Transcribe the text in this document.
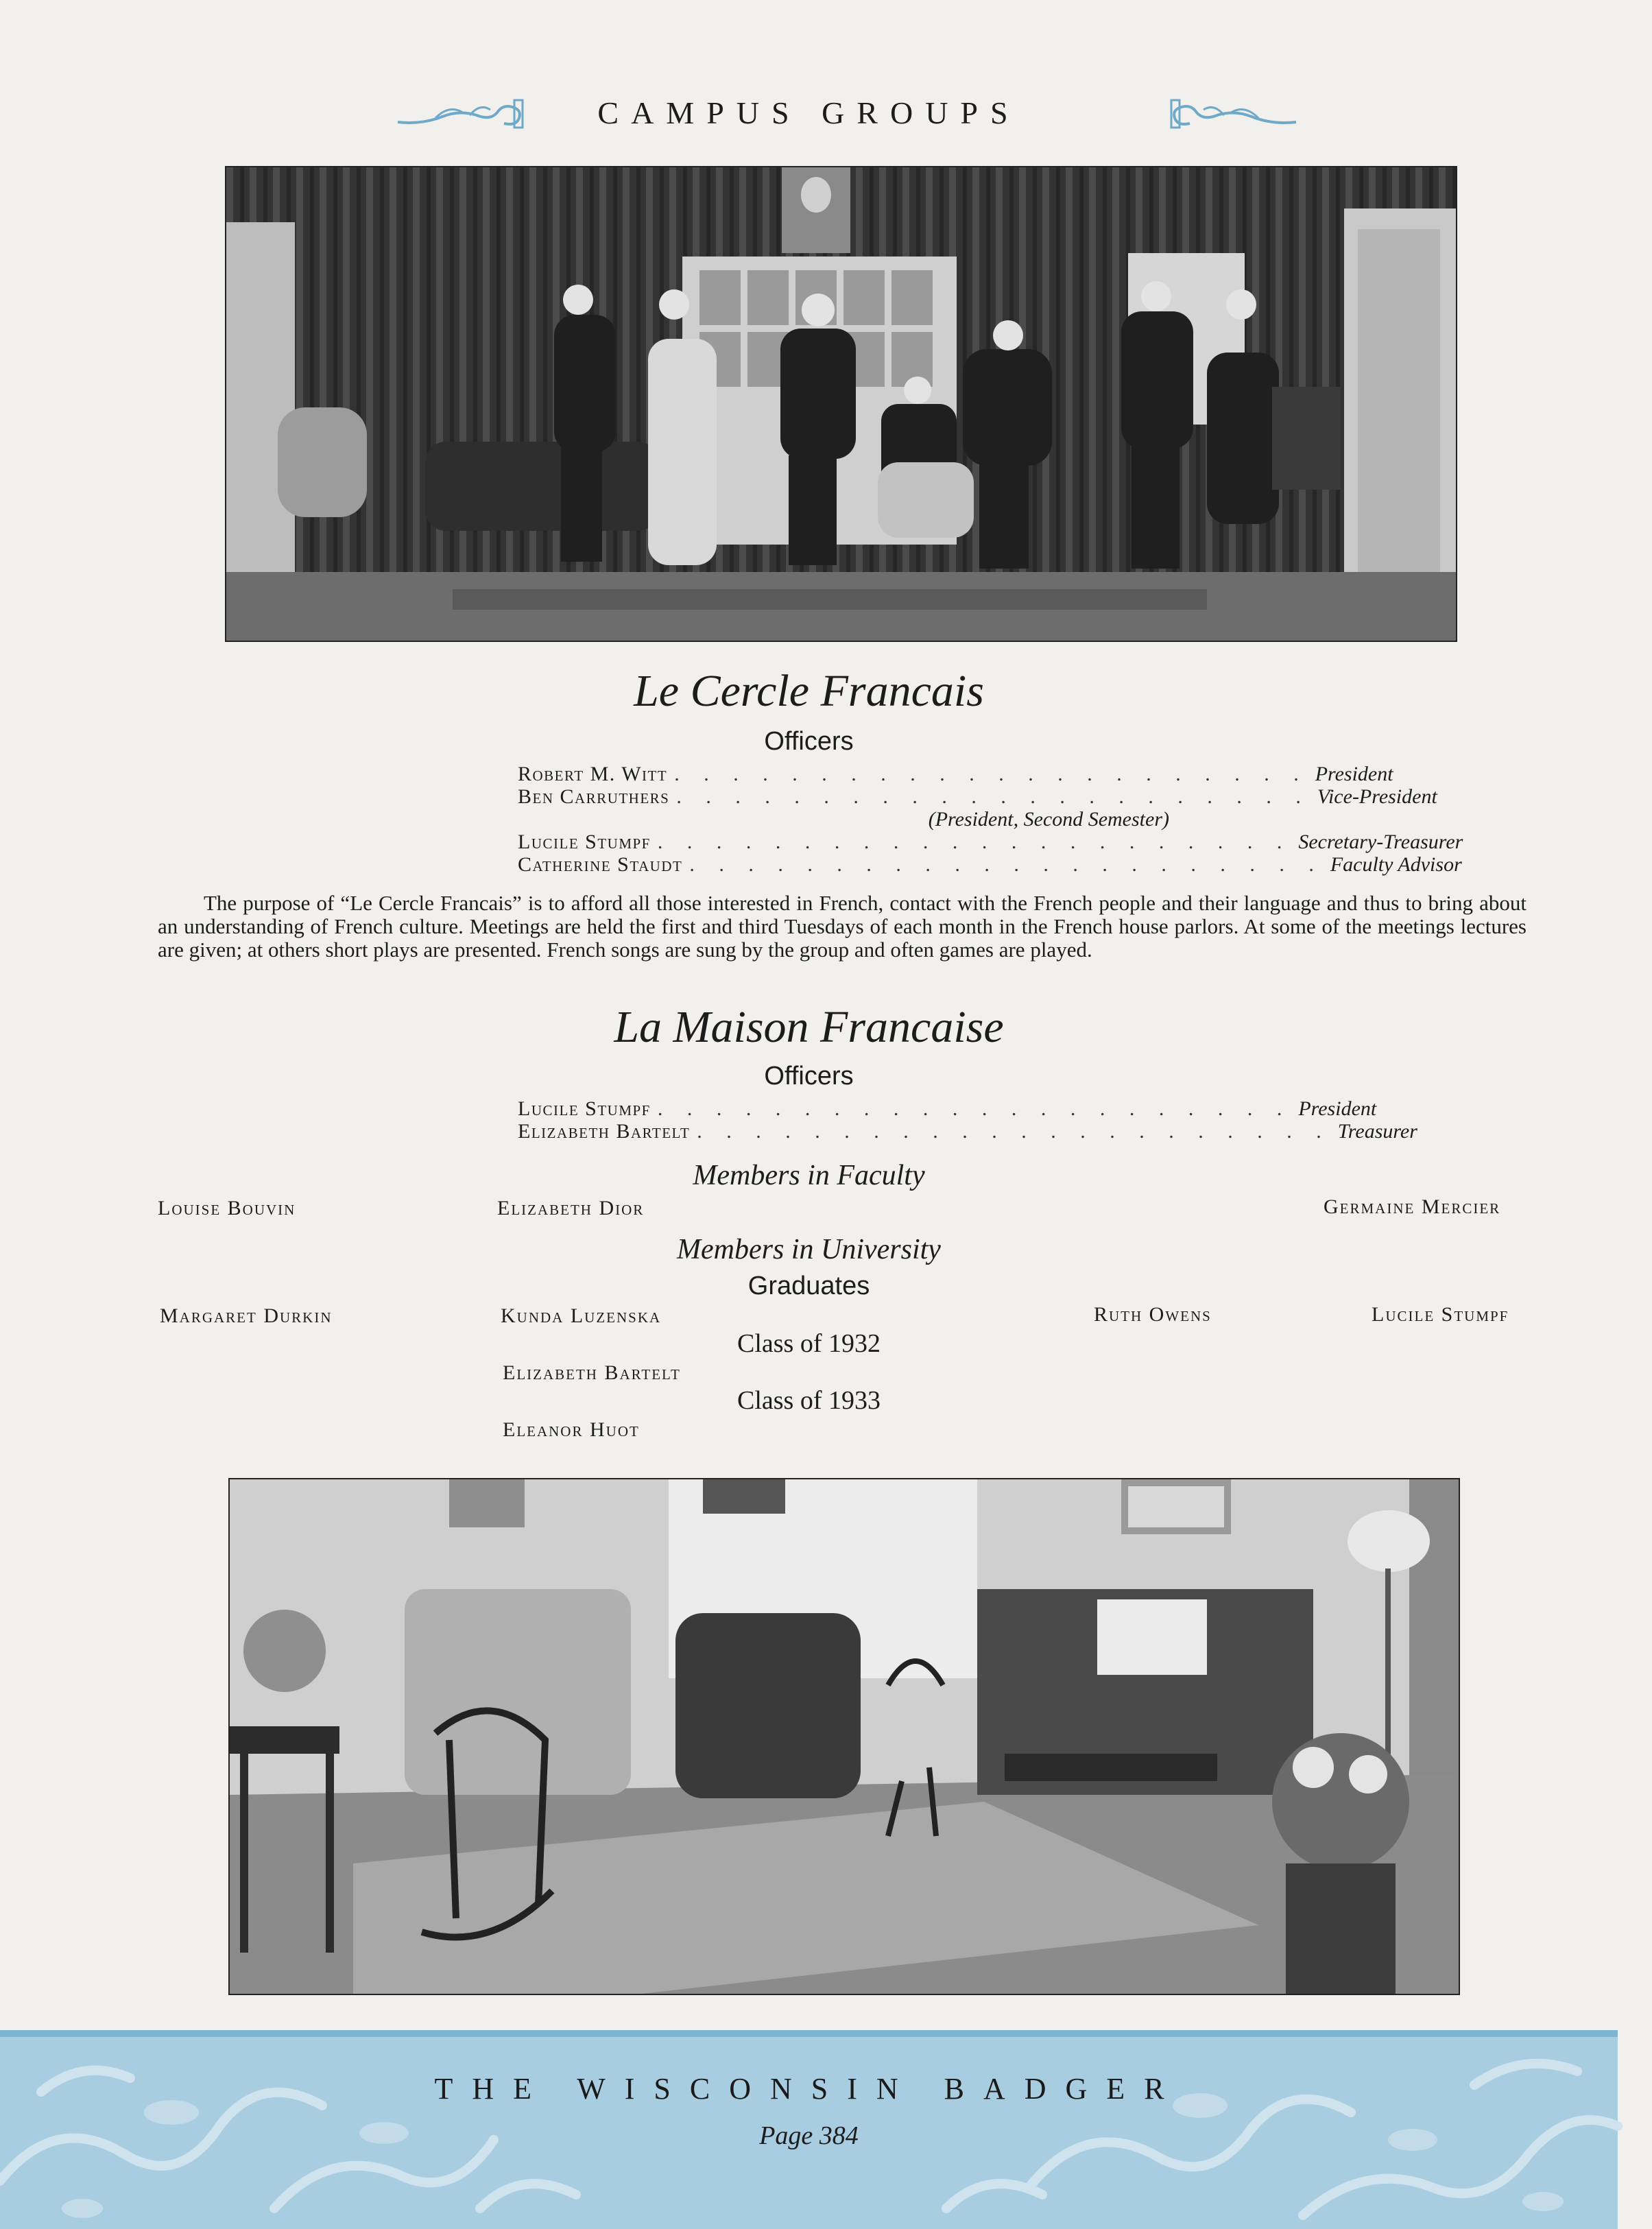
CAMPUS GROUPS
Le Cercle Francais
Officers
Robert M. Witt . . . . . . . . . . . . . . . . . . . . . . President
Ben Carruthers . . . . . . . . . . . . . . . . . . . . . . Vice-President
(President, Second Semester)
Lucile Stumpf . . . . . . . . . . . . . . . . . . . . . . Secretary-Treasurer
Catherine Staudt . . . . . . . . . . . . . . . . . . . . . . Faculty Advisor
The purpose of “Le Cercle Francais” is to afford all those interested in French, contact with the French people and their language and thus to bring about an understanding of French culture. Meetings are held the first and third Tuesdays of each month in the French house parlors. At some of the meetings lectures are given; at others short plays are presented. French songs are sung by the group and often games are played.
La Maison Francaise
Officers
Lucile Stumpf . . . . . . . . . . . . . . . . . . . . . . President
Elizabeth Bartelt . . . . . . . . . . . . . . . . . . . . . . Treasurer
Members in Faculty
Louise Bouvin	Elizabeth Dior	Germaine Mercier
Members in University
Graduates
Margaret Durkin	Kunda Luzenska	Ruth Owens	Lucile Stumpf
Class of 1932
Elizabeth Bartelt
Class of 1933
Eleanor Huot
THE WISCONSIN BADGER
Page 384
